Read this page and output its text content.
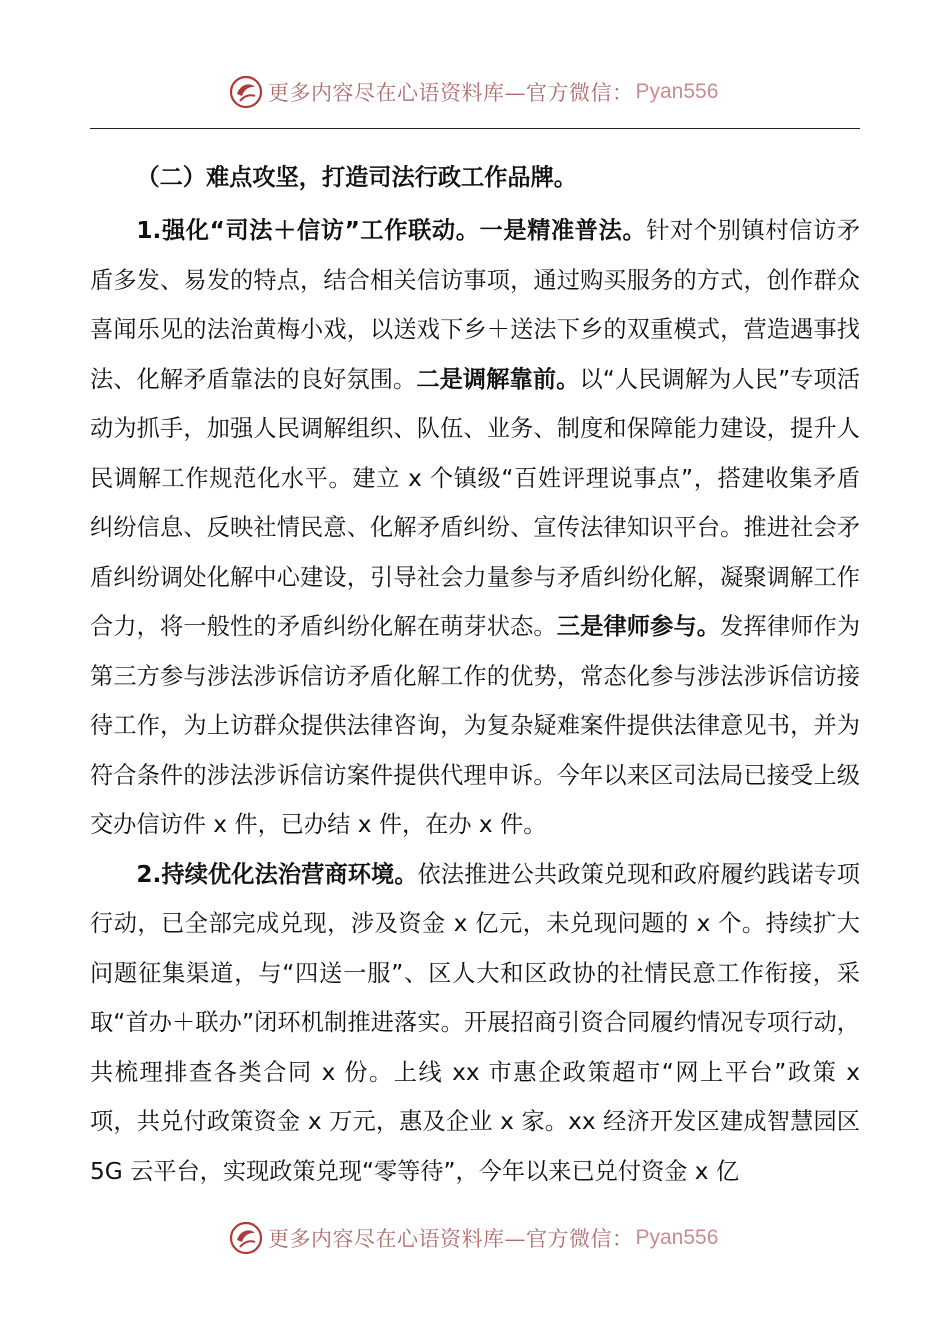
更多内容尽在心语资料库—官方微信： Pyan556

（二）难点攻坚，打造司法行政工作品牌。

1.强化“司法＋信访”工作联动。一是精准普法。针对个别镇村信访矛盾多发、易发的特点，结合相关信访事项，通过购买服务的方式，创作群众喜闻乐见的法治黄梅小戏，以送戏下乡＋送法下乡的双重模式，营造遇事找法、化解矛盾靠法的良好氛围。二是调解靠前。以“人民调解为人民”专项活动为抓手，加强人民调解组织、队伍、业务、制度和保障能力建设，提升人民调解工作规范化水平。建立 x 个镇级“百姓评理说事点”，搭建收集矛盾纠纷信息、反映社情民意、化解矛盾纠纷、宣传法律知识平台。推进社会矛盾纠纷调处化解中心建设，引导社会力量参与矛盾纠纷化解，凝聚调解工作合力，将一般性的矛盾纠纷化解在萌芽状态。三是律师参与。发挥律师作为第三方参与涉法涉诉信访矛盾化解工作的优势，常态化参与涉法涉诉信访接待工作，为上访群众提供法律咨询，为复杂疑难案件提供法律意见书，并为符合条件的涉法涉诉信访案件提供代理申诉。今年以来区司法局已接受上级交办信访件 x 件，已办结 x 件，在办 x 件。

2.持续优化法治营商环境。依法推进公共政策兑现和政府履约践诺专项行动，已全部完成兑现，涉及资金 x 亿元，未兑现问题的 x 个。持续扩大问题征集渠道，与“四送一服”、区人大和区政协的社情民意工作衔接，采取“首办＋联办”闭环机制推进落实。开展招商引资合同履约情况专项行动，共梳理排查各类合同 x 份。上线 xx 市惠企政策超市“网上平台”政策 x 项，共兑付政策资金 x 万元，惠及企业 x 家。xx 经济开发区建成智慧园区 5G 云平台，实现政策兑现“零等待”，今年以来已兑付资金 x 亿

更多内容尽在心语资料库—官方微信： Pyan556
